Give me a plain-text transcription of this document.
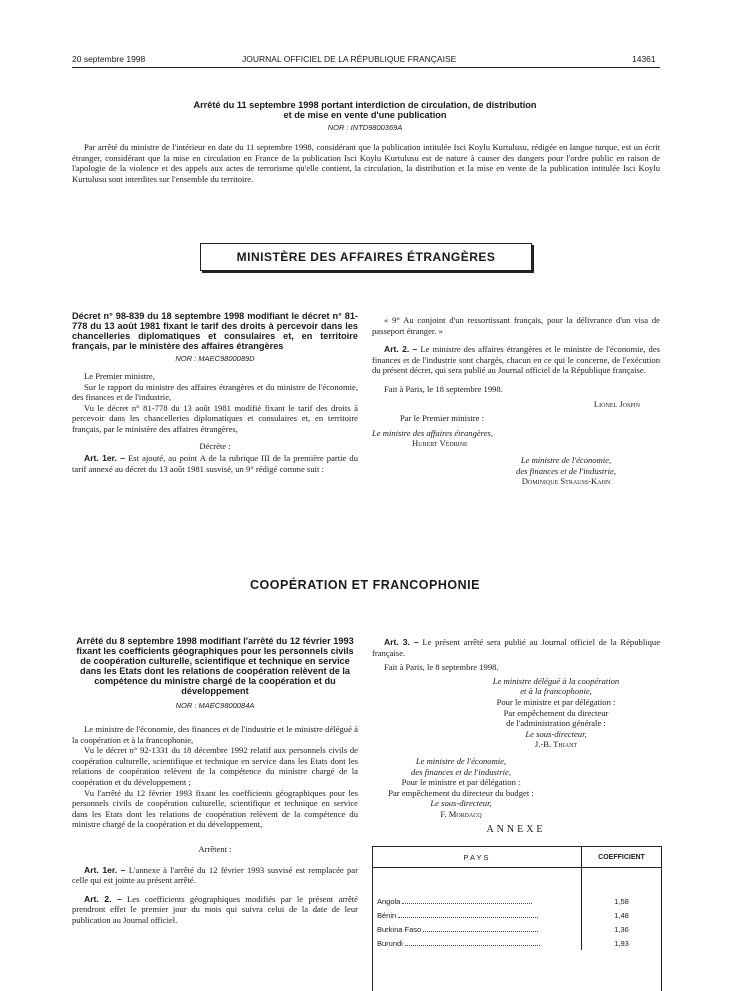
20 septembre 1998	JOURNAL OFFICIEL DE LA RÉPUBLIQUE FRANÇAISE	14361
Arrêté du 11 septembre 1998 portant interdiction de circulation, de distribution
et de mise en vente d'une publication
NOR : INTD9800369A

Par arrêté du ministre de l'intérieur en date du 11 septembre 1998, considérant que la publication intitulée Isci Koylu Kurtulusu, rédigée en langue turque, est un écrit étranger, considérant que la mise en circulation en France de la publication Isci Koylu Kurtulusu est de nature à causer des dangers pour l'ordre public en raison de l'apologie de la violence et des appels aux actes de terrorisme qu'elle contient, la circulation, la distribution et la mise en vente de la publication intitulée Isci Koylu Kurtulusu sont interdites sur l'ensemble du territoire.

MINISTÈRE DES AFFAIRES ÉTRANGÈRES
Décret n° 98-839 du 18 septembre 1998 modifiant le décret n° 81-778 du 13 août 1981 fixant le tarif des droits à percevoir dans les chancelleries diplomatiques et consulaires et, en territoire français, par le ministère des affaires étrangères
NOR : MAEC9800089D

Le Premier ministre,

Sur le rapport du ministre des affaires étrangères et du ministre de l'économie, des finances et de l'industrie,

Vu le décret n° 81-778 du 13 août 1981 modifié fixant le tarif des droits à percevoir dans les chancelleries diplomatiques et consulaires et, en territoire français, par le ministère des affaires étrangères,

Décrète :

Art. 1er. – Est ajouté, au point A de la rubrique III de la première partie du tarif annexé au décret du 13 août 1981 susvisé, un 9° rédigé comme suit :

« 9° Au conjoint d'un ressortissant français, pour la délivrance d'un visa de passeport étranger. »

Art. 2. – Le ministre des affaires étrangères et le ministre de l'économie, des finances et de l'industrie sont chargés, chacun en ce qui le concerne, de l'exécution du présent décret, qui sera publié au Journal officiel de la République française.

Fait à Paris, le 18 septembre 1998.

Lionel Jospin

Par le Premier ministre :

Le ministre des affaires étrangères,

Hubert Védrine

Le ministre de l'économie,

des finances et de l'industrie,

Dominique Strauss-Kahn

COOPÉRATION ET FRANCOPHONIE
Arrêté du 8 septembre 1998 modifiant l'arrêté du 12 février 1993 fixant les coefficients géographiques pour les personnels civils de coopération culturelle, scientifique et technique en service dans les Etats dont les relations de coopération relèvent de la compétence du ministre chargé de la coopération et du développement
NOR : MAEC9800084A

Le ministre de l'économie, des finances et de l'industrie et le ministre délégué à la coopération et à la francophonie,

Vu le décret n° 92-1331 du 18 décembre 1992 relatif aux personnels civils de coopération culturelle, scientifique et technique en service dans les Etats dont les relations de coopération relèvent de la compétence du ministre chargé de la coopération et du développement ;

Vu l'arrêté du 12 février 1993 fixant les coefficients géographiques pour les personnels civils de coopération culturelle, scientifique et technique en service dans les Etats dont les relations de coopération relèvent de la compétence du ministre chargé de la coopération et du développement,

Arrêtent :

Art. 1er. – L'annexe à l'arrêté du 12 février 1993 susvisé est remplacée par celle qui est jointe au présent arrêté.

Art. 2. – Les coefficients géographiques modifiés par le présent arrêté prendront effet le premier jour du mois qui suivra celui de la date de leur publication au Journal officiel.

Art. 3. – Le présent arrêté sera publié au Journal officiel de la République française.

Fait à Paris, le 8 septembre 1998.

Le ministre délégué à la coopération

et à la francophonie,

Pour le ministre et par délégation :

Par empêchement du directeur

de l'administration générale :

Le sous-directeur,

J.-B. Thiant

Le ministre de l'économie,

des finances et de l'industrie,

Pour le ministre et par délégation :

Par empêchement du directeur du budget :

Le sous-directeur,

F. Mordacq

ANNEXE
PAYS	COEFFICIENT

Angola	1,58
Bénin	1,48
Burkina Faso	1,36
Burundi	1,93
